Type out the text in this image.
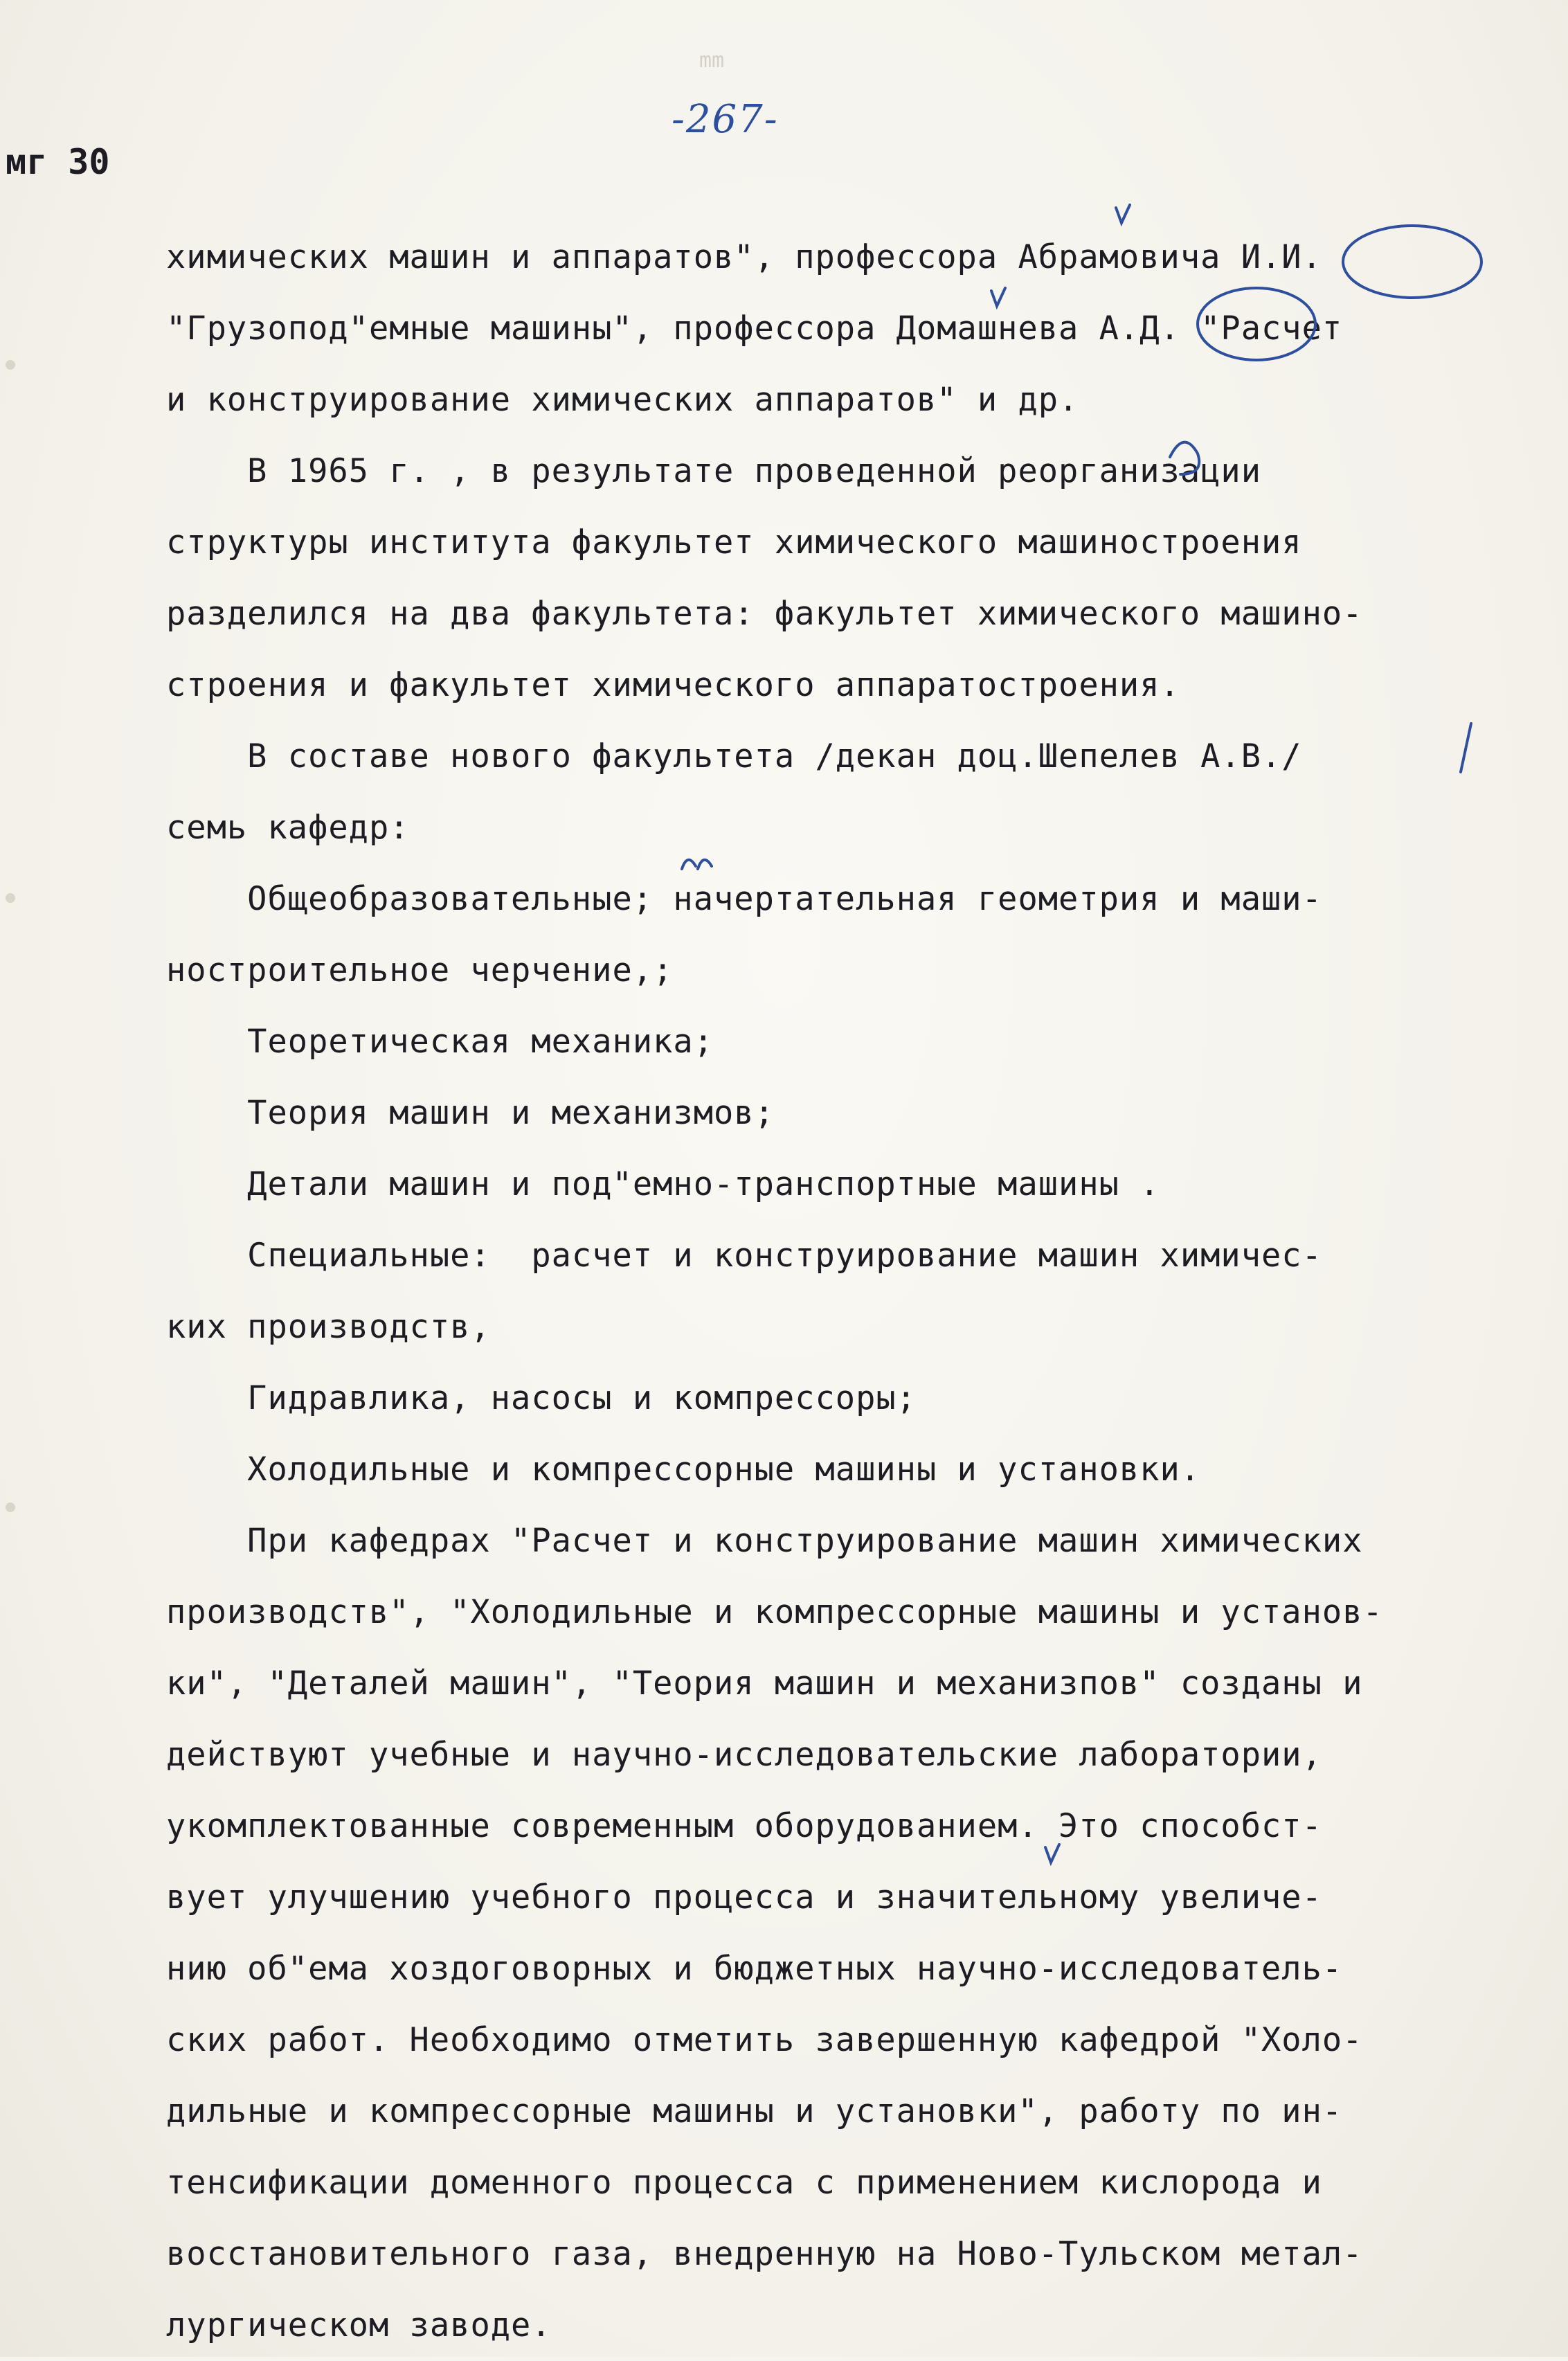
mm
-267-
мг 30
химических машин и аппаратов", профессора Абрамовича И.И.
"Грузопод"емные машины", профессора Домашнева А.Д. "Расчет
и конструирование химических аппаратов" и др.
В 1965 г. , в результате проведенной реорганизации
структуры института факультет химического машиностроения
разделился на два факультета: факультет химического машино-
строения и факультет химического аппаратостроения.
В составе нового факультета /декан доц.Шепелев А.В./
семь кафедр:
Общеобразовательные; начертательная геометрия и маши-
ностроительное черчение,;
Теоретическая механика;
Теория машин и механизмов;
Детали машин и под"емно-транспортные машины .
Специальные:  расчет и конструирование машин химичес-
ких производств,
Гидравлика, насосы и компрессоры;
Холодильные и компрессорные машины и установки.
При кафедрах "Расчет и конструирование машин химических
производств", "Холодильные и компрессорные машины и установ-
ки", "Деталей машин", "Теория машин и механизпов" созданы и
действуют учебные и научно-исследовательские лаборатории,
укомплектованные современным оборудованием. Это способст-
вует улучшению учебного процесса и значительному увеличе-
нию об"ема хоздоговорных и бюджетных научно-исследователь-
ских работ. Необходимо отметить завершенную кафедрой "Холо-
дильные и компрессорные машины и установки", работу по ин-
тенсификации доменного процесса с применением кислорода и
восстановительного газа, внедренную на Ново-Тульском метал-
лургическом заводе.
